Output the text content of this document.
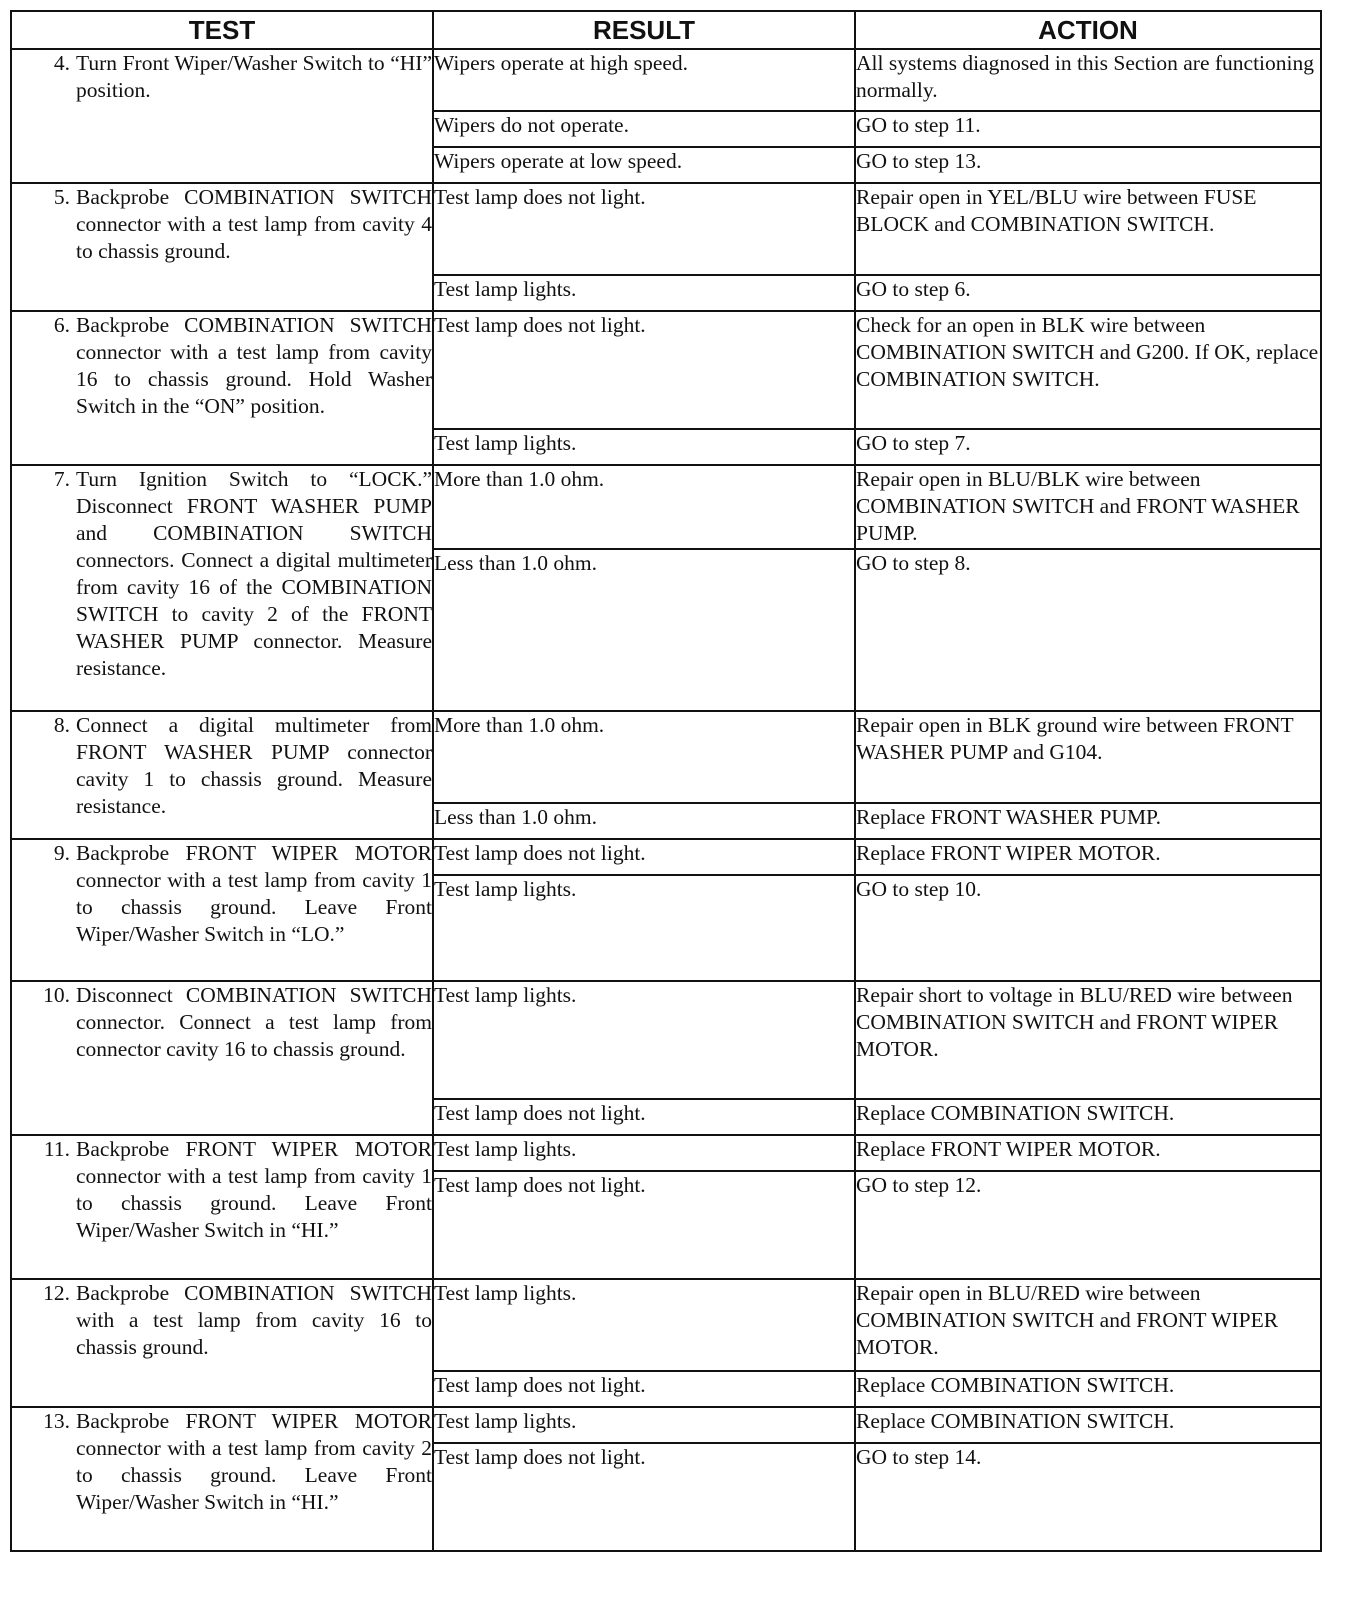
TEST	RESULT	ACTION

4. Turn Front Wiper/Washer Switch to “HI” position.	Wipers operate at high speed.	All systems diagnosed in this Section are functioning normally.
	Wipers do not operate.	GO to step 11.
	Wipers operate at low speed.	GO to step 13.

5. Backprobe COMBINATION SWITCH connector with a test lamp from cavity 4 to chassis ground.	Test lamp does not light.	Repair open in YEL/BLU wire between FUSE BLOCK and COMBINATION SWITCH.
	Test lamp lights.	GO to step 6.

6. Backprobe COMBINATION SWITCH connector with a test lamp from cavity 16 to chassis ground. Hold Washer Switch in the “ON” position.	Test lamp does not light.	Check for an open in BLK wire between COMBINATION SWITCH and G200. If OK, replace COMBINATION SWITCH.
	Test lamp lights.	GO to step 7.

7. Turn Ignition Switch to “LOCK.” Disconnect FRONT WASHER PUMP and COMBINATION SWITCH connectors. Connect a digital multimeter from cavity 16 of the COMBINATION SWITCH to cavity 2 of the FRONT WASHER PUMP connector. Measure resistance.	More than 1.0 ohm.	Repair open in BLU/BLK wire between COMBINATION SWITCH and FRONT WASHER PUMP.
	Less than 1.0 ohm.	GO to step 8.

8. Connect a digital multimeter from FRONT WASHER PUMP connector cavity 1 to chassis ground. Measure resistance.	More than 1.0 ohm.	Repair open in BLK ground wire between FRONT WASHER PUMP and G104.
	Less than 1.0 ohm.	Replace FRONT WASHER PUMP.

9. Backprobe FRONT WIPER MOTOR connector with a test lamp from cavity 1 to chassis ground. Leave Front Wiper/Washer Switch in “LO.”	Test lamp does not light.	Replace FRONT WIPER MOTOR.
	Test lamp lights.	GO to step 10.

10. Disconnect COMBINATION SWITCH connector. Connect a test lamp from connector cavity 16 to chassis ground.	Test lamp lights.	Repair short to voltage in BLU/RED wire between COMBINATION SWITCH and FRONT WIPER MOTOR.
	Test lamp does not light.	Replace COMBINATION SWITCH.

11. Backprobe FRONT WIPER MOTOR connector with a test lamp from cavity 1 to chassis ground. Leave Front Wiper/Washer Switch in “HI.”	Test lamp lights.	Replace FRONT WIPER MOTOR.
	Test lamp does not light.	GO to step 12.

12. Backprobe COMBINATION SWITCH with a test lamp from cavity 16 to chassis ground.	Test lamp lights.	Repair open in BLU/RED wire between COMBINATION SWITCH and FRONT WIPER MOTOR.
	Test lamp does not light.	Replace COMBINATION SWITCH.

13. Backprobe FRONT WIPER MOTOR connector with a test lamp from cavity 2 to chassis ground. Leave Front Wiper/Washer Switch in “HI.”	Test lamp lights.	Replace COMBINATION SWITCH.
	Test lamp does not light.	GO to step 14.
